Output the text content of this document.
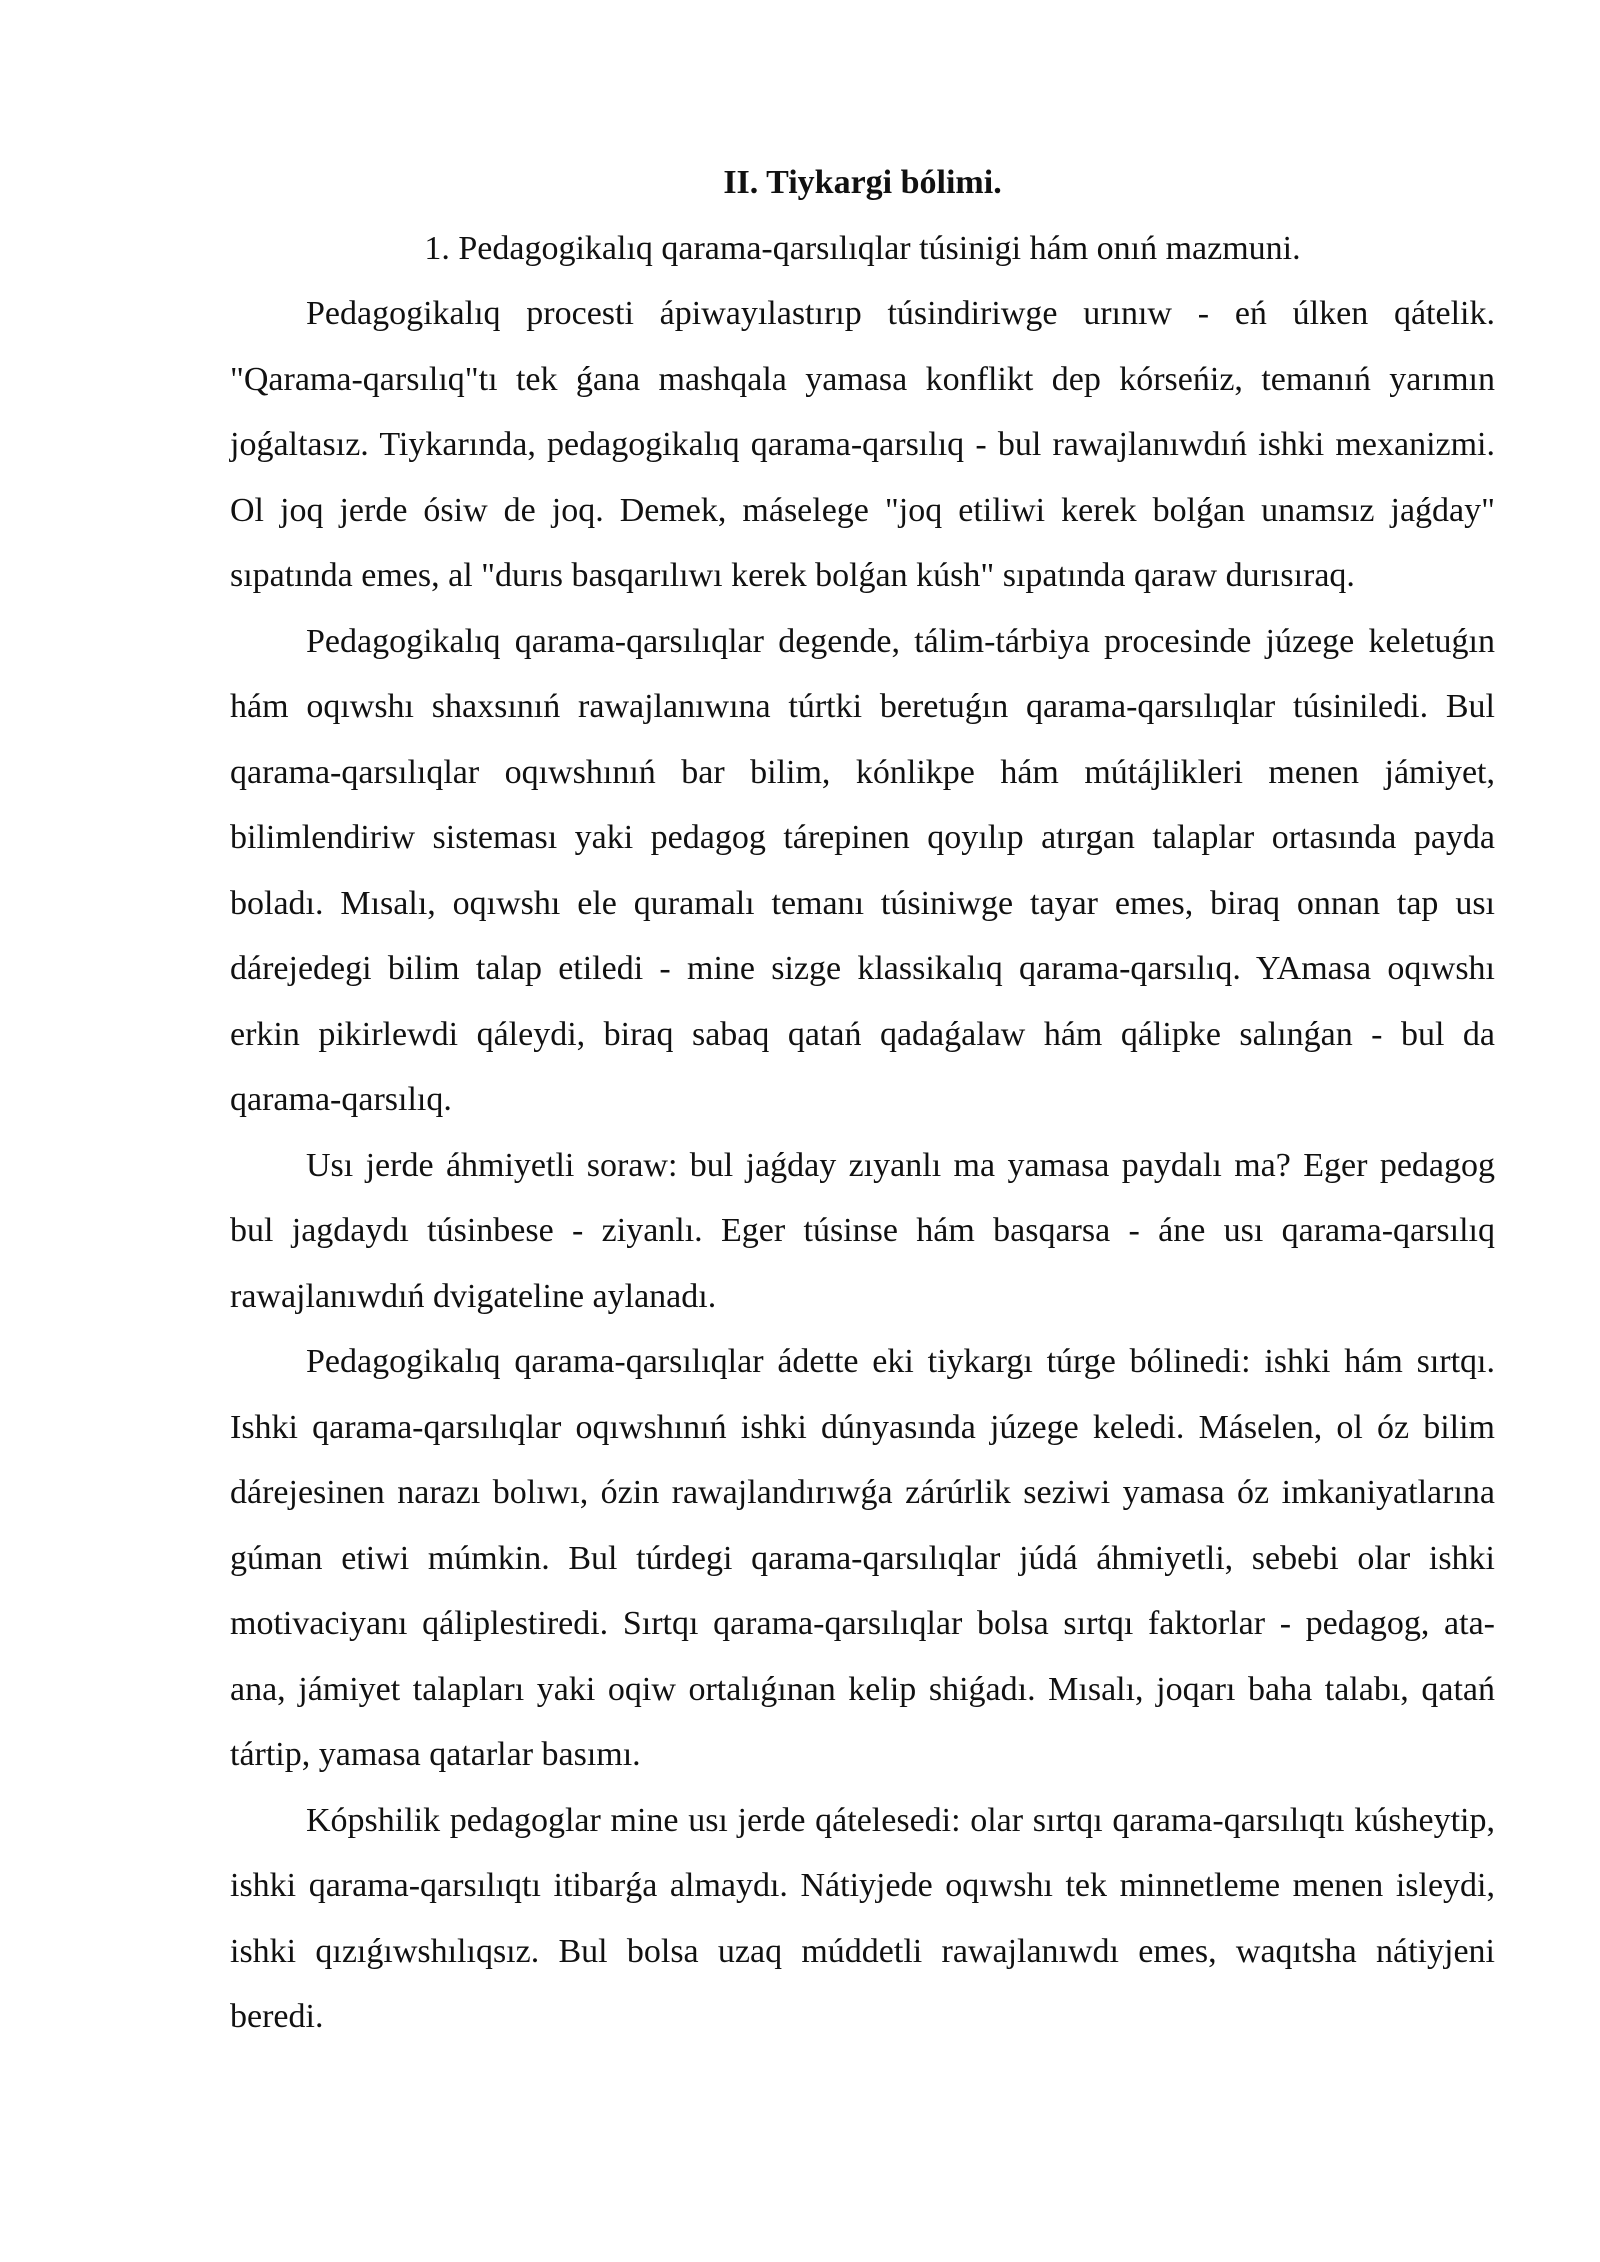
II. Tiykargi bólimi.
1. Pedagogikalıq qarama-qarsılıqlar túsinigi hám onıń mazmuni.

Pedagogikalıq procesti ápiwayılastırıp túsindiriwge urınıw - eń úlken qátelik. "Qarama-qarsılıq"tı tek ǵana mashqala yamasa konflikt dep kórseńiz, temanıń yarımın joǵaltasız. Tiykarında, pedagogikalıq qarama-qarsılıq - bul rawajlanıwdıń ishki mexanizmi. Ol joq jerde ósiw de joq. Demek, máselege "joq etiliwi kerek bolǵan unamsız jaǵday" sıpatında emes, al "durıs basqarılıwı kerek bolǵan kúsh" sıpatında qaraw durısıraq.

Pedagogikalıq qarama-qarsılıqlar degende, tálim-tárbiya procesinde júzege keletuǵın hám oqıwshı shaxsınıń rawajlanıwına túrtki beretuǵın qarama-qarsılıqlar túsiniledi. Bul qarama-qarsılıqlar oqıwshınıń bar bilim, kónlikpe hám mútájlikleri menen jámiyet, bilimlendiriw sisteması yaki pedagog tárepinen qoyılıp atırgan talaplar ortasında payda boladı. Mısalı, oqıwshı ele quramalı temanı túsiniwge tayar emes, biraq onnan tap usı dárejedegi bilim talap etiledi - mine sizge klassikalıq qarama-qarsılıq. YAmasa oqıwshı erkin pikirlewdi qáleydi, biraq sabaq qatań qadaǵalaw hám qálipke salınǵan - bul da qarama-qarsılıq.

Usı jerde áhmiyetli soraw: bul jaǵday zıyanlı ma yamasa paydalı ma? Eger pedagog bul jagdaydı túsinbese - ziyanlı. Eger túsinse hám basqarsa - áne usı qarama-qarsılıq rawajlanıwdıń dvigateline aylanadı.

Pedagogikalıq qarama-qarsılıqlar ádette eki tiykargı túrge bólinedi: ishki hám sırtqı. Ishki qarama-qarsılıqlar oqıwshınıń ishki dúnyasında júzege keledi. Máselen, ol óz bilim dárejesinen narazı bolıwı, ózin rawajlandırıwǵa zárúrlik seziwi yamasa óz imkaniyatlarına gúman etiwi múmkin. Bul túrdegi qarama-qarsılıqlar júdá áhmiyetli, sebebi olar ishki motivaciyanı qáliplestiredi. Sırtqı qarama-qarsılıqlar bolsa sırtqı faktorlar - pedagog, ata-ana, jámiyet talapları yaki oqiw ortalıǵınan kelip shiǵadı. Mısalı, joqarı baha talabı, qatań tártip, yamasa qatarlar basımı.

Kópshilik pedagoglar mine usı jerde qátelesedi: olar sırtqı qarama-qarsılıqtı kúsheytip, ishki qarama-qarsılıqtı itibarǵa almaydı. Nátiyjede oqıwshı tek minnetleme menen isleydi, ishki qızıǵıwshılıqsız. Bul bolsa uzaq múddetli rawajlanıwdı emes, waqıtsha nátiyjeni beredi.
